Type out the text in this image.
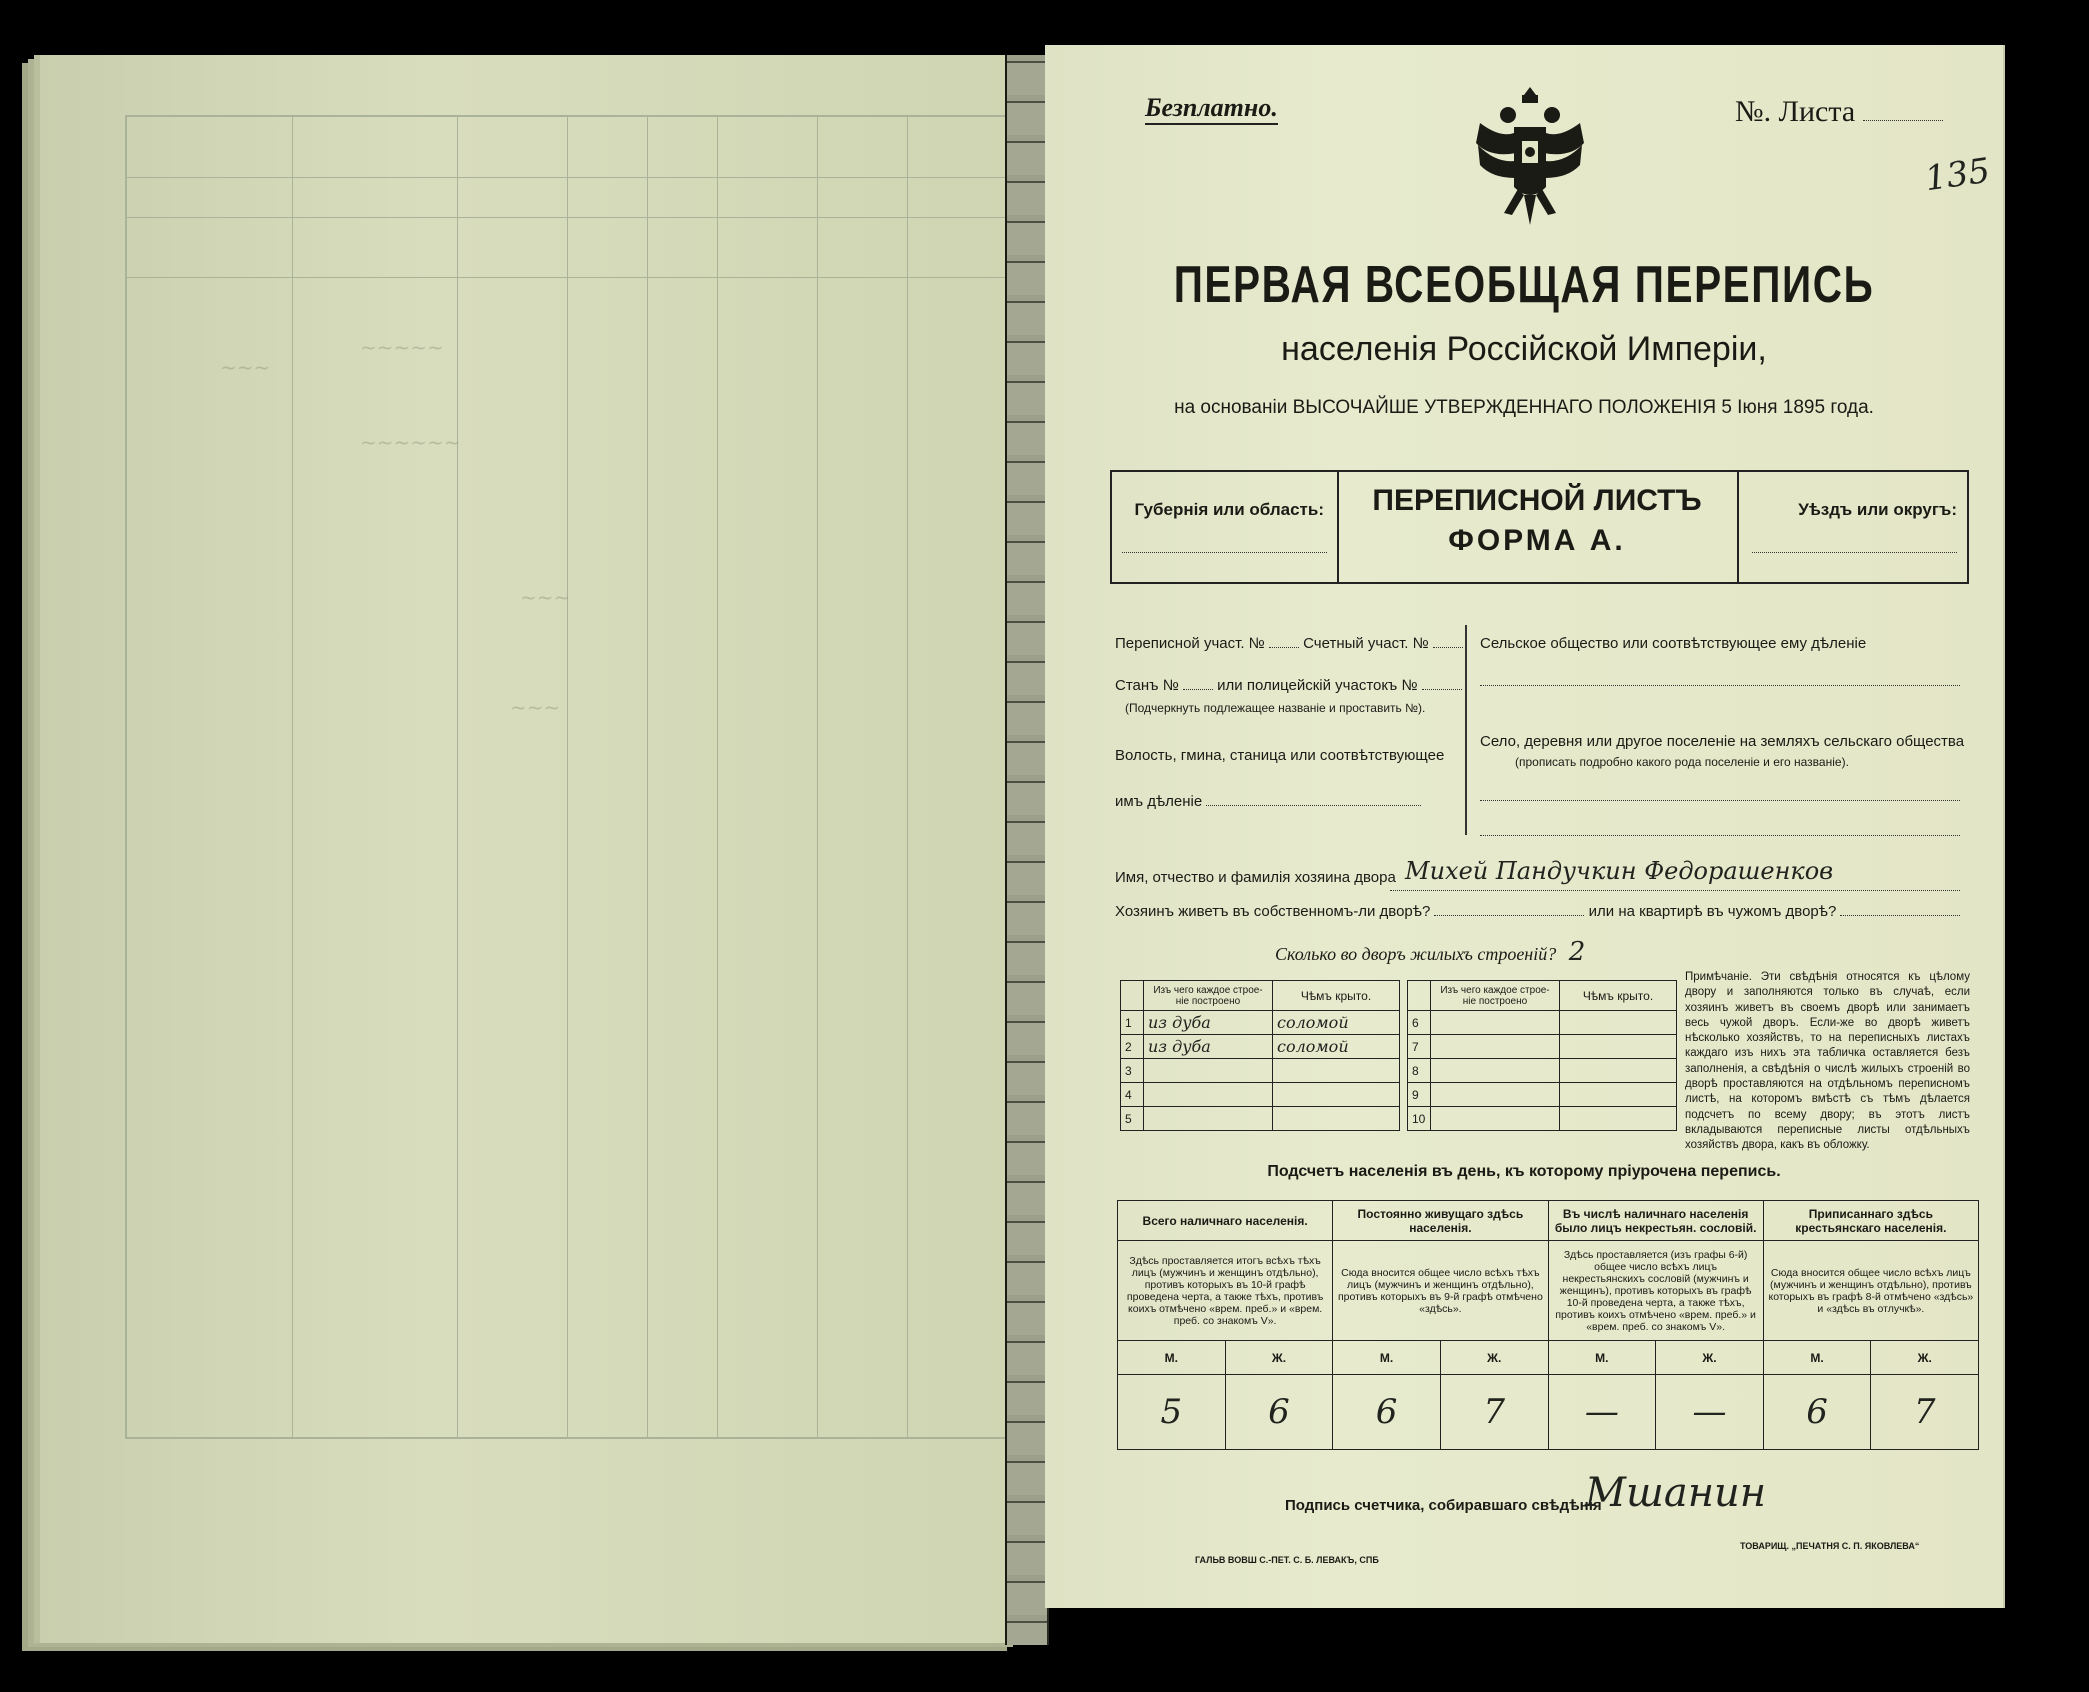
~~~~~
~~~~~~
~~~
~~~
~~~
Безплатно.	№. Листа
135
ПЕРВАЯ ВСЕОБЩАЯ ПЕРЕПИСЬ
населенія Россійской Имперіи,
на основаніи ВЫСОЧАЙШЕ УТВЕРЖДЕННАГО ПОЛОЖЕНІЯ 5 Іюня 1895 года.
Губернія или область:	ПЕРЕПИСНОЙ ЛИСТЪ
ФОРМА А.
Уѣздъ или округъ:
Переписной участ. №	Счетный участ. №
Станъ №	или полицейскій участокъ №
(Подчеркнуть подлежащее названіе и проставить №).
Волость, гмина, станица или соотвѣтствующее
имъ дѣленіе
Сельское общество или соотвѣтствующее ему дѣленіе
Село, деревня или другое поселеніе на земляхъ сельскаго общества
(прописать подробно какого рода поселеніе и его названіе).
Имя, отчество и фамилія хозяина двора Михей Пандучкин Федорашенков
Хозяинъ живетъ въ собственномъ-ли дворѣ?	или на квартирѣ въ чужомъ дворѣ?
Сколько во дворъ жилыхъ строеній? 2
	Изъ чего каждое строе-ніе построено	Чѣмъ крыто.
1	из дуба	соломой
2	из дуба	соломой
3		
4		
5		
	Изъ чего каждое строе-ніе построено	Чѣмъ крыто.
6		
7		
8		
9		
10		
Примѣчаніе. Эти свѣдѣнія относятся къ цѣлому двору и заполняются только въ случаѣ, если хозяинъ живетъ въ своемъ дворѣ или занимаетъ весь чужой дворъ. Если-же во дворѣ живетъ нѣсколько хозяйствъ, то на переписныхъ листахъ каждаго изъ нихъ эта табличка оставляется безъ заполненія, а свѣдѣнія о числѣ жилыхъ строеній во дворѣ проставляются на отдѣльномъ переписномъ листѣ, на которомъ вмѣстѣ съ тѣмъ дѣлается подсчетъ по всему двору; въ этотъ листъ вкладываются переписные листы отдѣльныхъ хозяйствъ двора, какъ въ обложку.
Подсчетъ населенія въ день, къ которому пріурочена перепись.
Всего наличнаго населенія.		Постоянно живущаго здѣсь населенія.		Въ числѣ наличнаго населенія было лицъ некрестьян. сословій.		Приписаннаго здѣсь крестьянскаго населенія.	
Здѣсь проставляется итогъ всѣхъ тѣхъ лицъ (мужчинъ и женщинъ отдѣльно), противъ которыхъ въ 10-й графѣ проведена черта, а также тѣхъ, противъ коихъ отмѣчено «врем. преб.» и «врем. преб. со знакомъ V».		Сюда вносится общее число всѣхъ тѣхъ лицъ (мужчинъ и женщинъ отдѣльно), противъ которыхъ въ 9-й графѣ отмѣчено «здѣсь».		Здѣсь проставляется (изъ графы 6-й) общее число всѣхъ лицъ некрестьянскихъ сословій (мужчинъ и женщинъ), противъ которыхъ въ графѣ 10-й проведена черта, а также тѣхъ, противъ коихъ отмѣчено «врем. преб.» и «врем. преб. со знакомъ V».		Сюда вносится общее число всѣхъ лицъ (мужчинъ и женщинъ отдѣльно), противъ которыхъ въ графѣ 8-й отмѣчено «здѣсь» и «здѣсь въ отлучкѣ».	
М.	Ж.	М.	Ж.	М.	Ж.	М.	Ж.
5	6	6	7	—	—	6	7
Подпись счетчика, собиравшаго свѣдѣнія
Мшанин
ГАЛЬВ ВОВШ С.-ПЕТ. С. Б. ЛЕВАКЪ, СПБ
ТОВАРИЩ. „ПЕЧАТНЯ С. П. ЯКОВЛЕВА“
